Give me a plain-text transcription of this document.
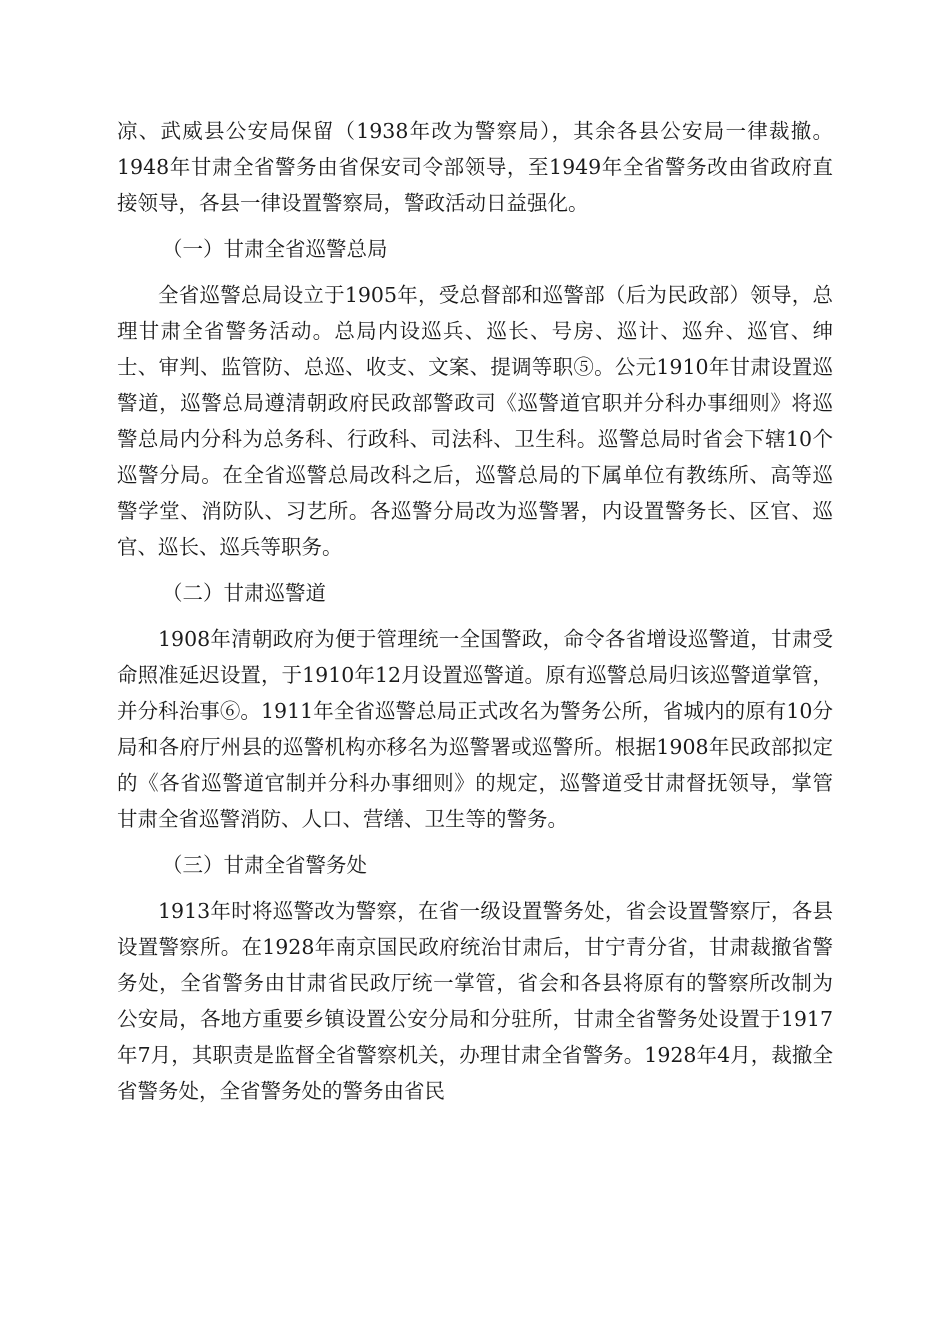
凉、武威县公安局保留（1938年改为警察局），其余各县公安局一律裁撤。1948年甘肃全省警务由省保安司令部领导，至1949年全省警务改由省政府直接领导，各县一律设置警察局，警政活动日益强化。

（一）甘肃全省巡警总局

全省巡警总局设立于1905年，受总督部和巡警部（后为民政部）领导，总理甘肃全省警务活动。总局内设巡兵、巡长、号房、巡计、巡弁、巡官、绅士、审判、监管防、总巡、收支、文案、提调等职⑤。公元1910年甘肃设置巡警道，巡警总局遵清朝政府民政部警政司《巡警道官职并分科办事细则》将巡警总局内分科为总务科、行政科、司法科、卫生科。巡警总局时省会下辖10个巡警分局。在全省巡警总局改科之后，巡警总局的下属单位有教练所、高等巡警学堂、消防队、习艺所。各巡警分局改为巡警署，内设置警务长、区官、巡官、巡长、巡兵等职务。

（二）甘肃巡警道

1908年清朝政府为便于管理统一全国警政，命令各省增设巡警道，甘肃受命照准延迟设置，于1910年12月设置巡警道。原有巡警总局归该巡警道掌管，并分科治事⑥。1911年全省巡警总局正式改名为警务公所，省城内的原有10分局和各府厅州县的巡警机构亦移名为巡警署或巡警所。根据1908年民政部拟定的《各省巡警道官制并分科办事细则》的规定，巡警道受甘肃督抚领导，掌管甘肃全省巡警消防、人口、营缮、卫生等的警务。

（三）甘肃全省警务处

1913年时将巡警改为警察，在省一级设置警务处，省会设置警察厅，各县设置警察所。在1928年南京国民政府统治甘肃后，甘宁青分省，甘肃裁撤省警务处，全省警务由甘肃省民政厅统一掌管，省会和各县将原有的警察所改制为公安局，各地方重要乡镇设置公安分局和分驻所，甘肃全省警务处设置于1917年7月，其职责是监督全省警察机关，办理甘肃全省警务。1928年4月，裁撤全省警务处，全省警务处的警务由省民
